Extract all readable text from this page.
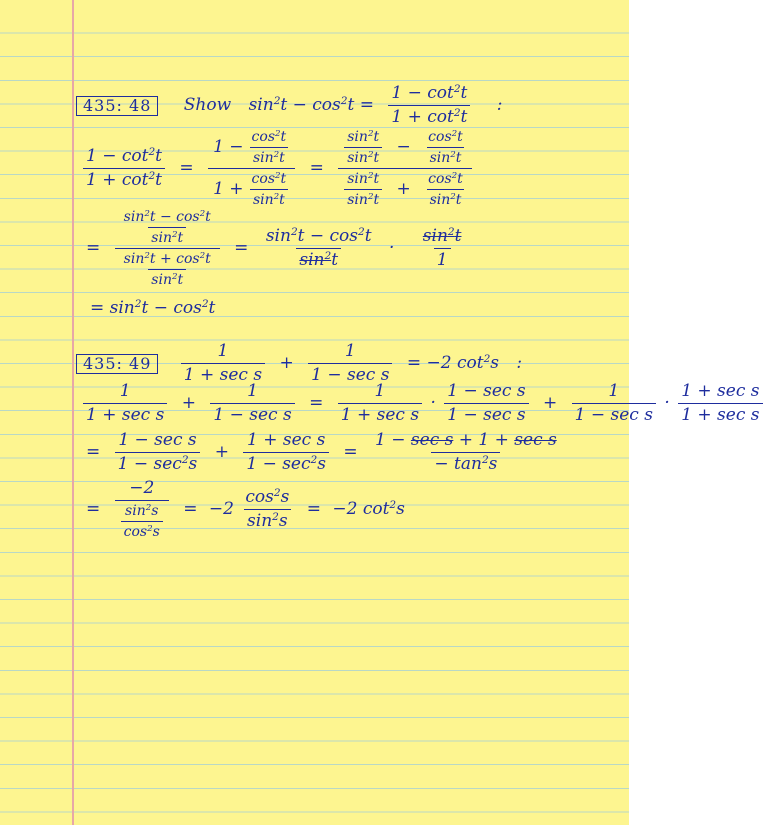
435: 48 Show $\sin^2t - \cos^2t = \frac{1 - \cot^2t}{1 + \cot^2t}$ :
$\frac{1 - \cot^2t}{1 + \cot^2t} = \frac{1 - \frac{\cos^2t}{\sin^2t}}{1 + \frac{\cos^2t}{\sin^2t}} = \frac{\frac{\sin^2t}{\sin^2t} - \frac{\cos^2t}{\sin^2t}}{\frac{\sin^2t}{\sin^2t} + \frac{\cos^2t}{\sin^2t}}$
= $\frac{\frac{\sin^2t - \cos^2t}{\sin^2t}}{\frac{\sin^2t + \cos^2t}{\sin^2t}} = \frac{\sin^2t - \cos^2t}{\sin^2t} \cdot \frac{\sin^2t}{1}$
= $\sin^2t - \cos^2t$
435: $49 \frac{1}{\text{1 + sec s}} + \frac{1}{\text{1 − sec s}} = -2$ $\cot^2s$ :
$\frac{1}{\text{1 + sec s}} + \frac{1}{\text{1 − sec s}} = \frac{1}{\text{1 + sec s}} \cdot \frac{\text{1 − sec s}}{\text{1 − sec s}} + \frac{1}{\text{1 − sec s}} \cdot \frac{\text{1 + sec s}}{\text{1 + sec s}}$
= $\frac{\text{1 − sec s}}{1 - \sec^2s} + \frac{\text{1 + sec s}}{1 - \sec^2s} = \frac{\text{1 − sec s + 1 + sec s}}{- \tan^2s}$
= $\frac{-2}{\frac{\sin^2s}{\cos^2s}} = -2 \frac{\cos^2s}{\sin^2s} = -2$ $\cot^2s$
